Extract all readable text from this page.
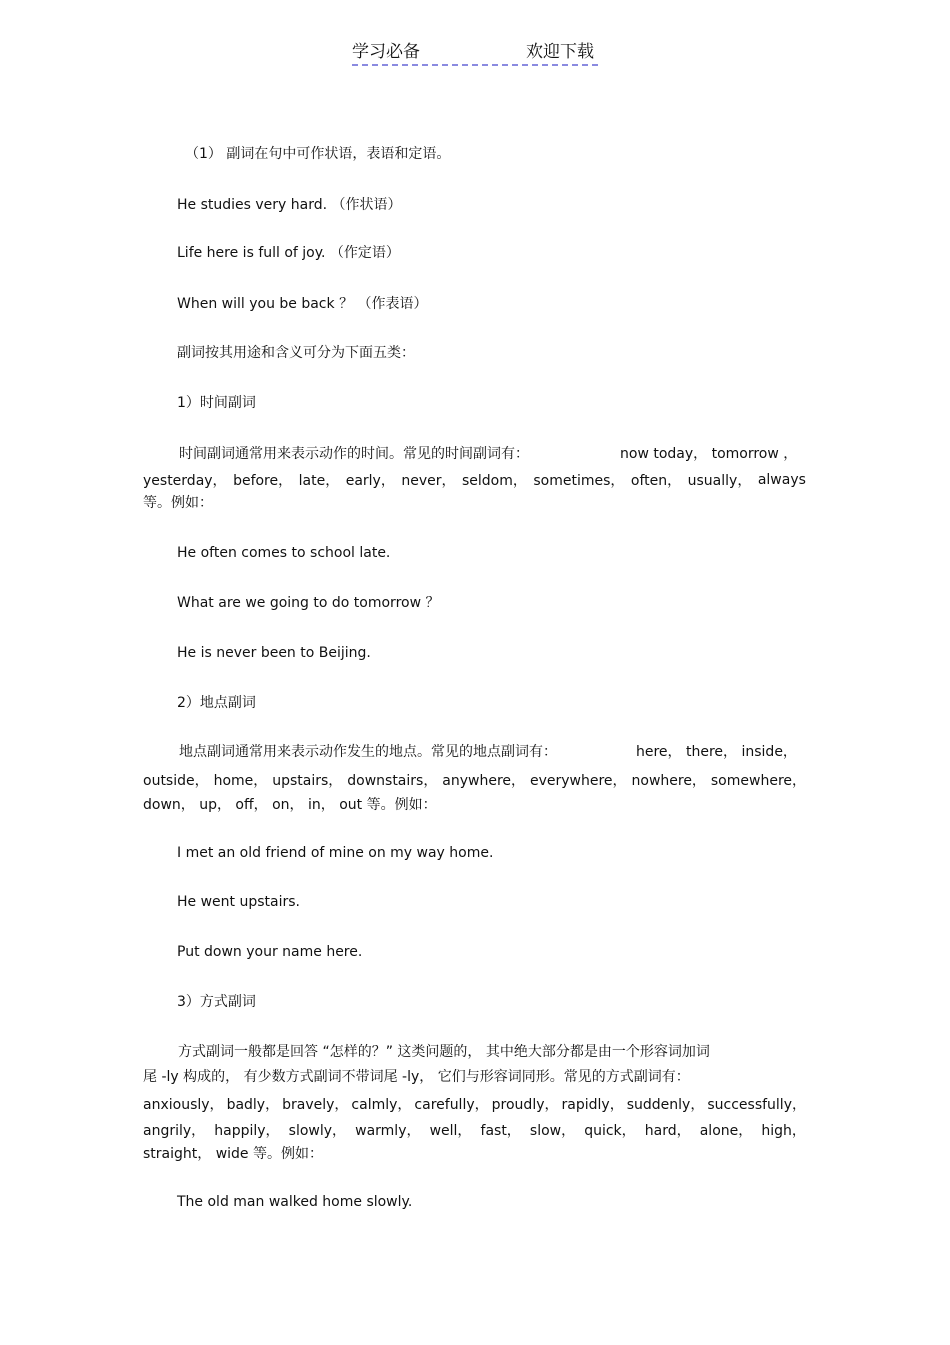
学习必备	欢迎下载
（1） 副词在句中可作状语，表语和定语。
He studies very hard. （作状语）
Life here is full of joy. （作定语）
When will you be back ？ （作表语）
副词按其用途和含义可分为下面五类：
1）时间副词
时间副词通常用来表示动作的时间。常见的时间副词有：	now today， tomorrow ，
yesterday， before， late， early， never， seldom， sometimes， often， usually， always
等。例如：
He often comes to school late.
What are we going to do tomorrow ？
He is never been to Beijing.
2）地点副词
地点副词通常用来表示动作发生的地点。常见的地点副词有：	here， there， inside，
outside， home， upstairs， downstairs， anywhere， everywhere， nowhere， somewhere，
down， up， off， on， in， out 等。例如：
I met an old friend of mine on my way home.
He went upstairs.
Put down your name here.
3）方式副词
方式副词一般都是回答 “怎样的？” 这类问题的， 其中绝大部分都是由一个形容词加词
尾 -ly 构成的， 有少数方式副词不带词尾 -ly， 它们与形容词同形。常见的方式副词有：
anxiously， badly， bravely， calmly， carefully， proudly， rapidly， suddenly， successfully，
angrily， happily， slowly， warmly， well， fast， slow， quick， hard， alone， high，
straight， wide 等。例如：
The old man walked home slowly.
